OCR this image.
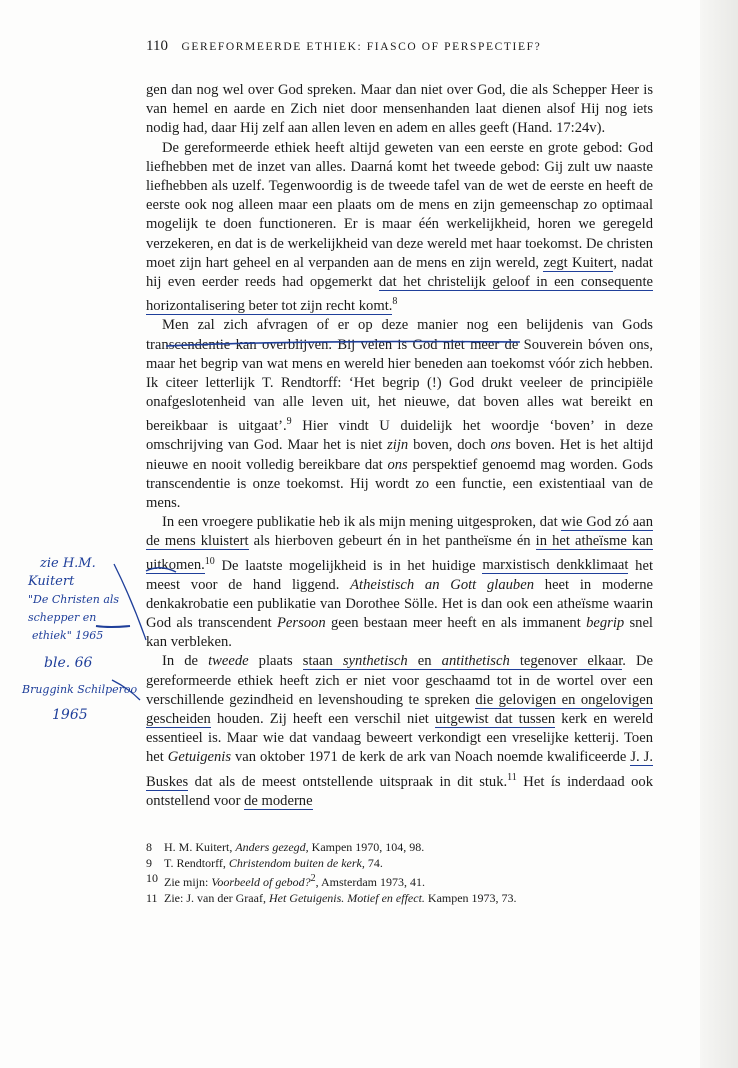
110 GEREFORMEERDE ETHIEK: FIASCO OF PERSPECTIEF?

gen dan nog wel over God spreken. Maar dan niet over God, die als Schepper Heer is van hemel en aarde en Zich niet door mensenhanden laat dienen alsof Hij nog iets nodig had, daar Hij zelf aan allen leven en adem en alles geeft (Hand. 17:24v).

De gereformeerde ethiek heeft altijd geweten van een eerste en grote gebod: God liefhebben met de inzet van alles. Daarná komt het tweede gebod: Gij zult uw naaste liefhebben als uzelf. Tegenwoordig is de tweede tafel van de wet de eerste en heeft de eerste ook nog alleen maar een plaats om de mens en zijn gemeenschap zo optimaal mogelijk te doen functioneren. Er is maar één werkelijkheid, horen we geregeld verzekeren, en dat is de werkelijkheid van deze wereld met haar toekomst. De christen moet zijn hart geheel en al verpanden aan de mens en zijn wereld, zegt Kuitert, nadat hij even eerder reeds had opgemerkt dat het christelijk geloof in een consequente horizontalisering beter tot zijn recht komt.$^8$

Men zal zich afvragen of er op deze manier nog een belijdenis van Gods transcendentie kan overblijven. Bij velen is God niet meer de Souverein bóven ons, maar het begrip van wat mens en wereld hier beneden aan toekomst vóór zich hebben. Ik citeer letterlijk T. Rendtorff: ‘Het begrip (!) God drukt veeleer de principiële onafgeslotenheid van alle leven uit, het nieuwe, dat boven alles wat bereikt en bereikbaar is uitgaat’.$^9$ Hier vindt U duidelijk het woordje ‘boven’ in deze omschrijving van God. Maar het is niet zijn boven, doch ons boven. Het is het altijd nieuwe en nooit volledig bereikbare dat ons perspektief genoemd mag worden. Gods transcendentie is onze toekomst. Hij wordt zo een functie, een existentiaal van de mens.

In een vroegere publikatie heb ik als mijn mening uitgesproken, dat wie God zó aan de mens kluistert als hierboven gebeurt én in het pantheïsme én in het atheïsme kan uitkomen.$^{10}$ De laatste mogelijkheid is in het huidige marxistisch denkklimaat het meest voor de hand liggend. Atheistisch an Gott glauben heet in moderne denkakrobatie een publikatie van Dorothee Sölle. Het is dan ook een atheïsme waarin God als transcendent Persoon geen bestaan meer heeft en als immanent begrip snel kan verbleken.

In de tweede plaats staan synthetisch en antithetisch tegenover elkaar. De gereformeerde ethiek heeft zich er niet voor geschaamd tot in de wortel over een verschillende gezindheid en levenshouding te spreken die gelovigen en ongelovigen gescheiden houden. Zij heeft een verschil niet uitgewist dat tussen kerk en wereld essentieel is. Maar wie dat vandaag beweert verkondigt een vreselijke ketterij. Toen het Getuigenis van oktober 1971 de kerk de ark van Noach noemde kwalificeerde J. J. Buskes dat als de meest ontstellende uitspraak in dit stuk.$^{11}$ Het ís inderdaad ook ontstellend voor de moderne

8	H. M. Kuitert, Anders gezegd, Kampen 1970, 104, 98.
9	T. Rendtorff, Christendom buiten de kerk, 74.
10 Zie mijn: Voorbeeld of gebod?$^2$, Amsterdam 1973, 41.
11 Zie: J. van der Graaf, Het Getuigenis. Motief en effect. Kampen 1973, 73.
zie H.M.
Kuitert
"De Christen als
schepper en
ethiek" 1965
ble. 66
Bruggink Schilperoo
1965
